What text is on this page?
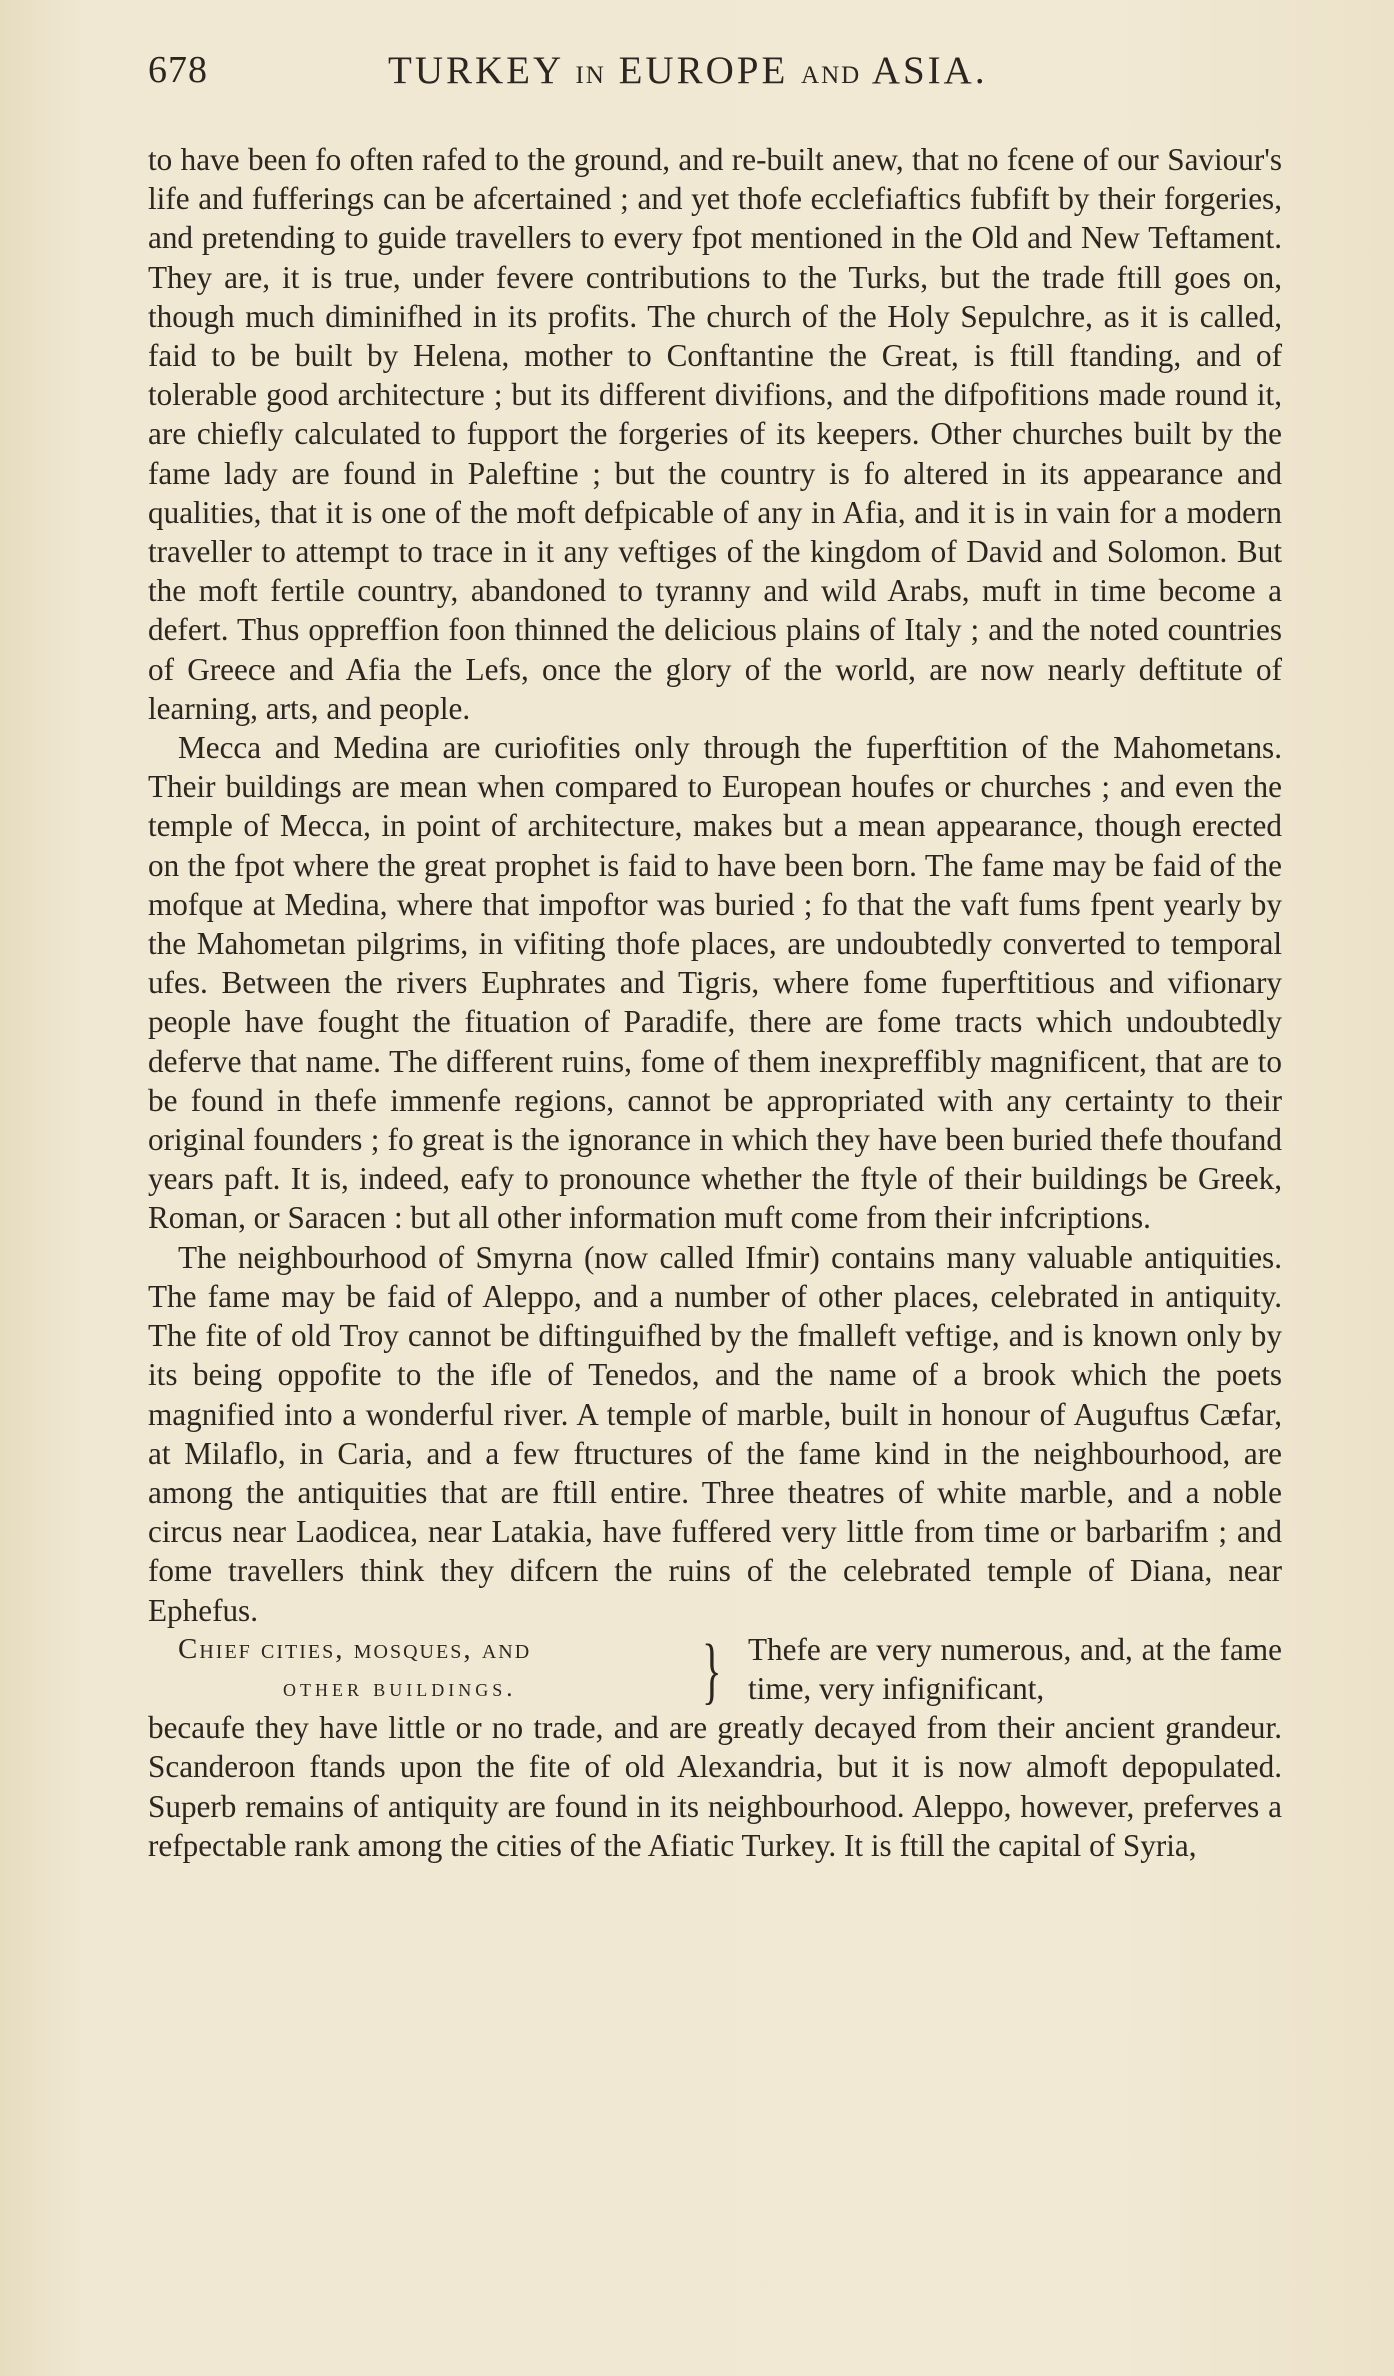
678	TURKEY IN EUROPE AND ASIA.

to have been fo often rafed to the ground, and re-built anew, that no fcene of our Saviour's life and fufferings can be afcertained ; and yet thofe ecclefiaftics fubfift by their forgeries, and pretending to guide travellers to every fpot mentioned in the Old and New Teftament. They are, it is true, under fevere contributions to the Turks, but the trade ftill goes on, though much diminifhed in its profits. The church of the Holy Sepulchre, as it is called, faid to be built by Helena, mother to Conftantine the Great, is ftill ftanding, and of tolerable good architecture ; but its different divifions, and the difpofitions made round it, are chiefly calculated to fupport the forgeries of its keepers. Other churches built by the fame lady are found in Paleftine ; but the country is fo altered in its appearance and qualities, that it is one of the moft defpicable of any in Afia, and it is in vain for a modern traveller to attempt to trace in it any veftiges of the kingdom of David and Solomon. But the moft fertile country, abandoned to tyranny and wild Arabs, muft in time become a defert. Thus oppreffion foon thinned the delicious plains of Italy ; and the noted countries of Greece and Afia the Lefs, once the glory of the world, are now nearly deftitute of learning, arts, and people.

Mecca and Medina are curiofities only through the fuperftition of the Mahometans. Their buildings are mean when compared to European houfes or churches ; and even the temple of Mecca, in point of architecture, makes but a mean appearance, though erected on the fpot where the great prophet is faid to have been born. The fame may be faid of the mofque at Medina, where that impoftor was buried ; fo that the vaft fums fpent yearly by the Mahometan pilgrims, in vifiting thofe places, are undoubtedly converted to temporal ufes. Between the rivers Euphrates and Tigris, where fome fuperftitious and vifionary people have fought the fituation of Paradife, there are fome tracts which undoubtedly deferve that name. The different ruins, fome of them inexpreffibly magnificent, that are to be found in thefe immenfe regions, cannot be appropriated with any certainty to their original founders ; fo great is the ignorance in which they have been buried thefe thoufand years paft. It is, indeed, eafy to pronounce whether the ftyle of their buildings be Greek, Roman, or Saracen : but all other information muft come from their infcriptions.

The neighbourhood of Smyrna (now called Ifmir) contains many valuable antiquities. The fame may be faid of Aleppo, and a number of other places, celebrated in antiquity. The fite of old Troy cannot be diftinguifhed by the fmalleft veftige, and is known only by its being oppofite to the ifle of Tenedos, and the name of a brook which the poets magnified into a wonderful river. A temple of marble, built in honour of Auguftus Cæfar, at Milaflo, in Caria, and a few ftructures of the fame kind in the neighbourhood, are among the antiquities that are ftill entire. Three theatres of white marble, and a noble circus near Laodicea, near Latakia, have fuffered very little from time or barbarifm ; and fome travellers think they difcern the ruins of the celebrated temple of Diana, near Ephefus.

Chief cities, mosques, and
other buildings.	} Thefe are very numerous, and, at the fame time, very infignificant,

becaufe they have little or no trade, and are greatly decayed from their ancient grandeur. Scanderoon ftands upon the fite of old Alexandria, but it is now almoft depopulated. Superb remains of antiquity are found in its neighbourhood. Aleppo, however, preferves a refpectable rank among the cities of the Afiatic Turkey. It is ftill the capital of Syria,
